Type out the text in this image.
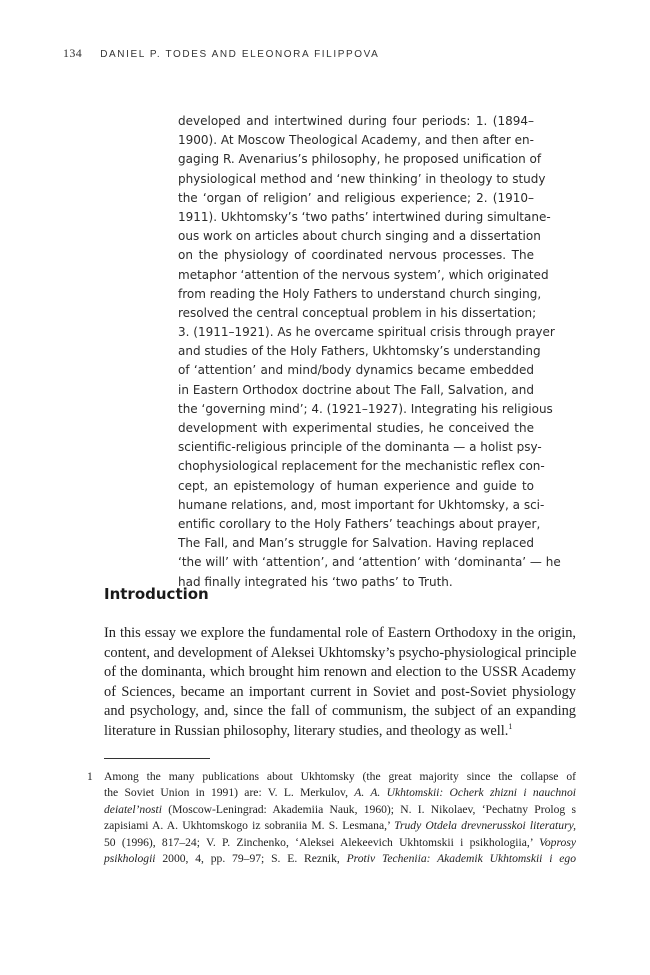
134 DANIEL P. TODES AND ELEONORA FILIPPOVA
developed and intertwined during four periods: 1. (1894–
1900). At Moscow Theological Academy, and then after en-
gaging R. Avenarius’s philosophy, he proposed unification of
physiological method and ‘new thinking’ in theology to study
the ‘organ of religion’ and religious experience; 2. (1910–
1911). Ukhtomsky’s ‘two paths’ intertwined during simultane-
ous work on articles about church singing and a dissertation
on the physiology of coordinated nervous processes. The
metaphor ‘attention of the nervous system’, which originated
from reading the Holy Fathers to understand church singing,
resolved the central conceptual problem in his dissertation;
3. (1911–1921). As he overcame spiritual crisis through prayer
and studies of the Holy Fathers, Ukhtomsky’s understanding
of ‘attention’ and mind/body dynamics became embedded
in Eastern Orthodox doctrine about The Fall, Salvation, and
the ‘governing mind’; 4. (1921–1927). Integrating his religious
development with experimental studies, he conceived the
scientific-religious principle of the dominanta — a holist psy-
chophysiological replacement for the mechanistic reflex con-
cept, an epistemology of human experience and guide to
humane relations, and, most important for Ukhtomsky, a sci-
entific corollary to the Holy Fathers’ teachings about prayer,
The Fall, and Man’s struggle for Salvation. Having replaced
‘the will’ with ‘attention’, and ‘attention’ with ‘dominanta’ — he
had finally integrated his ‘two paths’ to Truth.
Introduction
In this essay we explore the fundamental role of Eastern Orthodoxy in the origin,
content, and development of Aleksei Ukhtomsky’s psycho-physiological principle
of the dominanta, which brought him renown and election to the USSR Academy
of Sciences, became an important current in Soviet and post-Soviet physiology
and psychology, and, since the fall of communism, the subject of an expanding
literature in Russian philosophy, literary studies, and theology as well.$^1$
1 Among the many publications about Ukhtomsky (the great majority since the collapse of
the Soviet Union in 1991) are: V. L. Merkulov, A. A. Ukhtomskii: Ocherk zhizni i nauchnoi
deiatel’nosti (Moscow-Leningrad: Akademiia Nauk, 1960); N. I. Nikolaev, ‘Pechatny Prolog s
zapisiami A. A. Ukhtomskogo iz sobraniia M. S. Lesmana,’ Trudy Otdela drevnerusskoi literatury,
50 (1996), 817–24; V. P. Zinchenko, ‘Aleksei Alekeevich Ukhtomskii i psikhologiia,’ Voprosy
psikhologii 2000, 4, pp. 79–97; S. E. Reznik, Protiv Techeniia: Akademik Ukhtomskii i ego
